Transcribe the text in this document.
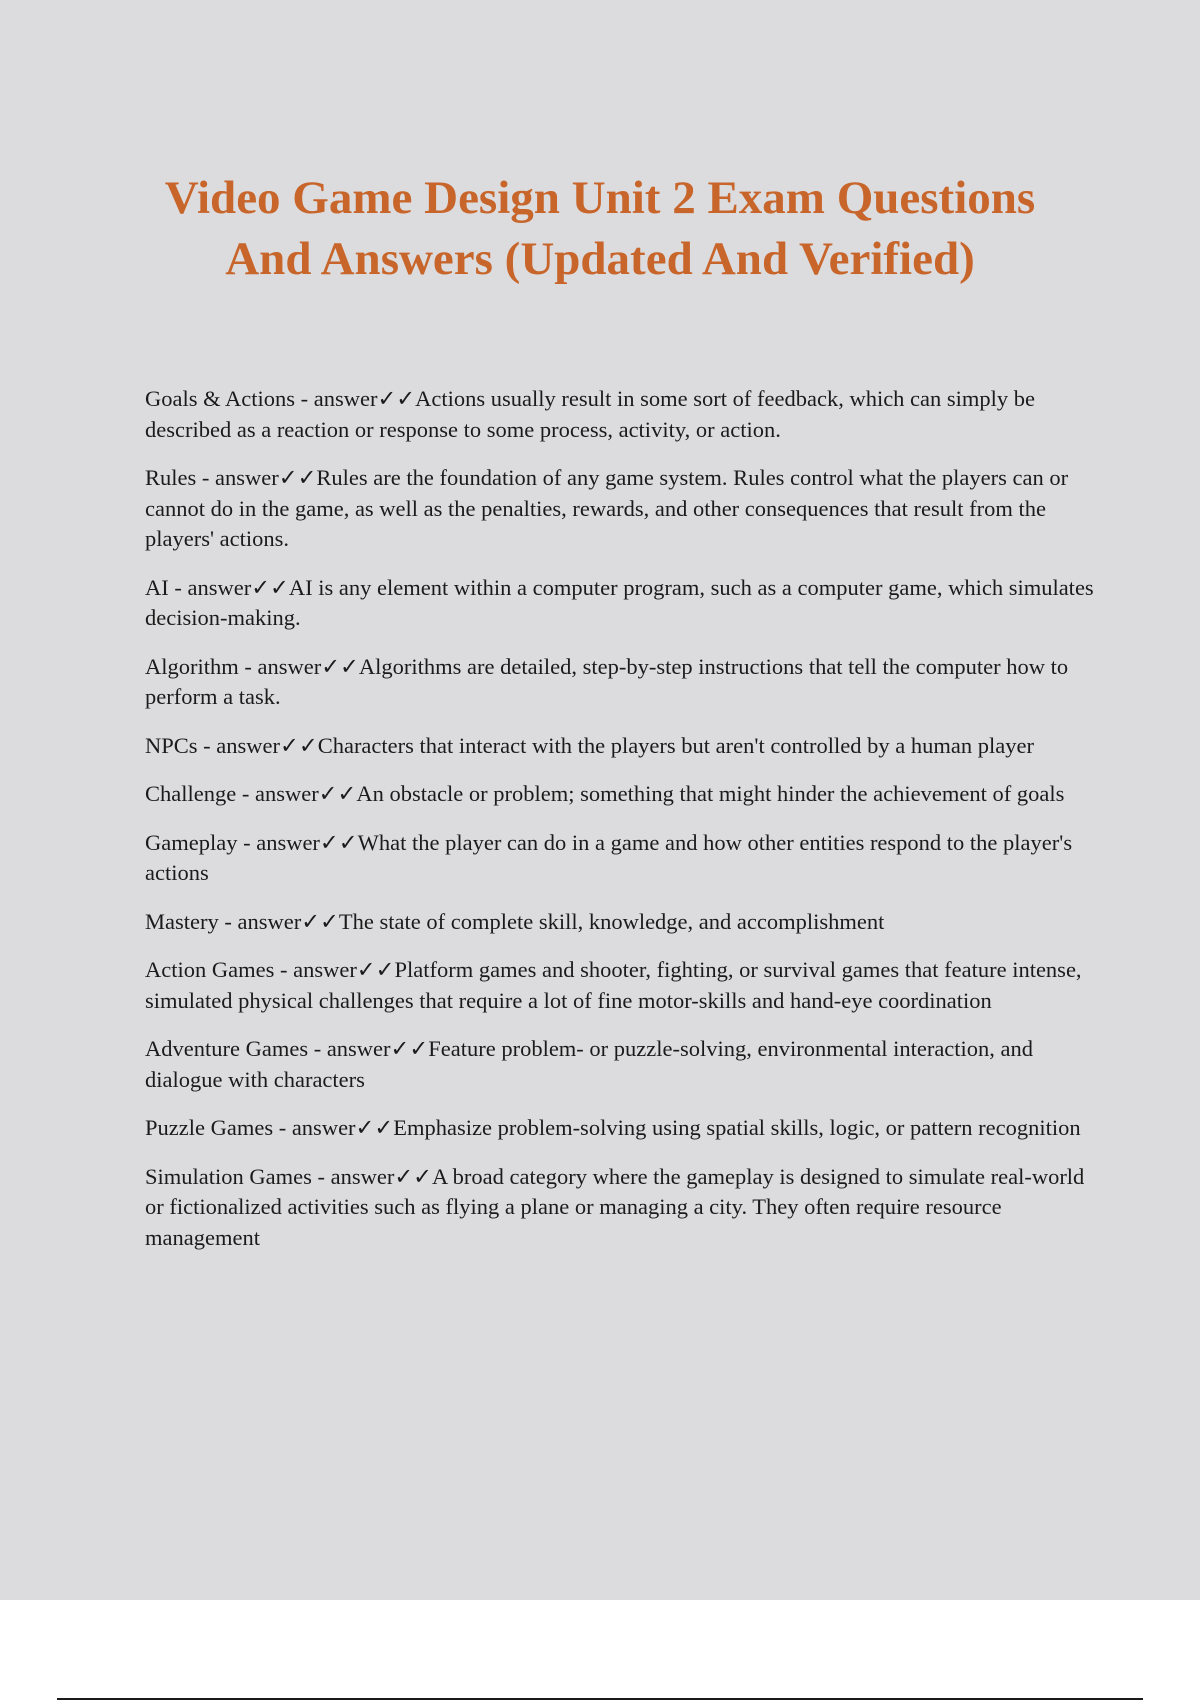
Video Game Design Unit 2 Exam Questions
And Answers (Updated And Verified)

Goals & Actions - answer✓✓Actions usually result in some sort of feedback, which can simply be described as a reaction or response to some process, activity, or action.

Rules - answer✓✓Rules are the foundation of any game system. Rules control what the players can or cannot do in the game, as well as the penalties, rewards, and other consequences that result from the players' actions.

AI - answer✓✓AI is any element within a computer program, such as a computer game, which simulates decision-making.

Algorithm - answer✓✓Algorithms are detailed, step-by-step instructions that tell the computer how to perform a task.

NPCs - answer✓✓Characters that interact with the players but aren't controlled by a human player

Challenge - answer✓✓An obstacle or problem; something that might hinder the achievement of goals

Gameplay - answer✓✓What the player can do in a game and how other entities respond to the player's actions

Mastery - answer✓✓The state of complete skill, knowledge, and accomplishment

Action Games - answer✓✓Platform games and shooter, fighting, or survival games that feature intense, simulated physical challenges that require a lot of fine motor-skills and hand-eye coordination

Adventure Games - answer✓✓Feature problem- or puzzle-solving, environmental interaction, and dialogue with characters

Puzzle Games - answer✓✓Emphasize problem-solving using spatial skills, logic, or pattern recognition

Simulation Games - answer✓✓A broad category where the gameplay is designed to simulate real-world or fictionalized activities such as flying a plane or managing a city. They often require resource management
